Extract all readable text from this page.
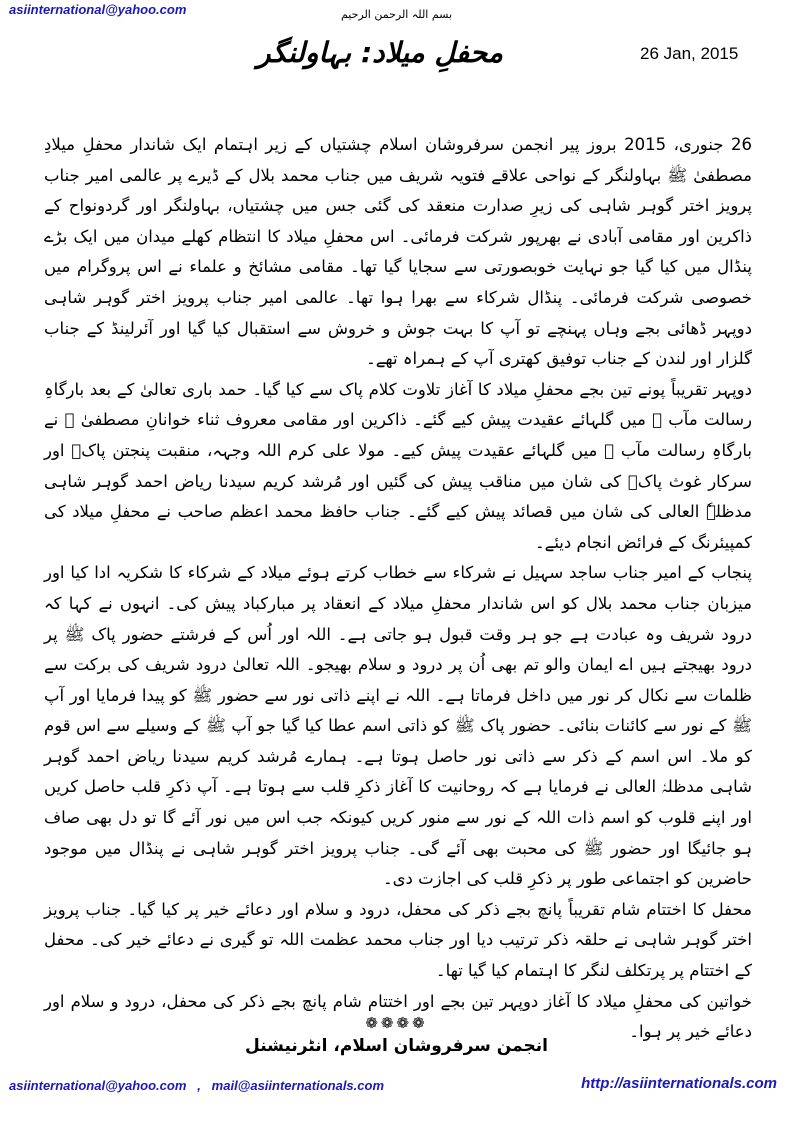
asiinternational@yahoo.com	بسم اللہ الرحمن الرحیم
محفلِ میلاد: بہاولنگر	26 Jan, 2015

26 جنوری، 2015 بروز پیر انجمن سرفروشان اسلام چشتیاں کے زیر اہتمام ایک شاندار محفلِ میلادِ مصطفیٰ ﷺ بہاولنگر کے نواحی علاقے فتویہ شریف میں جناب محمد بلال کے ڈیرے پر عالمی امیر جناب پرویز اختر گوہر شاہی کی زیرِ صدارت منعقد کی گئی جس میں چشتیاں، بہاولنگر اور گردونواح کے ذاکرین اور مقامی آبادی نے بھرپور شرکت فرمائی۔ اس محفلِ میلاد کا انتظام کھلے میدان میں ایک بڑے پنڈال میں کیا گیا جو نہایت خوبصورتی سے سجایا گیا تھا۔ مقامی مشائخ و علماء نے اس پروگرام میں خصوصی شرکت فرمائی۔ پنڈال شرکاء سے بھرا ہوا تھا۔ عالمی امیر جناب پرویز اختر گوہر شاہی دوپہر ڈھائی بجے وہاں پہنچے تو آپ کا بہت جوش و خروش سے استقبال کیا گیا اور آئرلینڈ کے جناب گلزار اور لندن کے جناب توفیق کھتری آپ کے ہمراہ تھے۔

دوپہر تقریباً پونے تین بجے محفلِ میلاد کا آغاز تلاوت کلام پاک سے کیا گیا۔ حمد باری تعالیٰ کے بعد بارگاہِ رسالت مآب ﷺ میں گلہائے عقیدت پیش کیے گئے۔ ذاکرین اور مقامی معروف ثناء خوانانِ مصطفیٰ ﷺ نے بارگاہِ رسالت مآب ﷺ میں گلہائے عقیدت پیش کیے۔ مولا علی کرم اللہ وجہہ، منقبت پنجتن پاکؑ اور سرکار غوث پاکؒ کی شان میں مناقب پیش کی گئیں اور مُرشد کریم سیدنا ریاض احمد گوہر شاہی مدظلہٗ العالی کی شان میں قصائد پیش کیے گئے۔ جناب حافظ محمد اعظم صاحب نے محفلِ میلاد کی کمپیئرنگ کے فرائض انجام دیئے۔

پنجاب کے امیر جناب ساجد سہیل نے شرکاء سے خطاب کرتے ہوئے میلاد کے شرکاء کا شکریہ ادا کیا اور میزبان جناب محمد بلال کو اس شاندار محفلِ میلاد کے انعقاد پر مبارکباد پیش کی۔ انہوں نے کہا کہ درود شریف وہ عبادت ہے جو ہر وقت قبول ہو جاتی ہے۔ اللہ اور اُس کے فرشتے حضور پاک ﷺ پر درود بھیجتے ہیں اے ایمان والو تم بھی اُن پر درود و سلام بھیجو۔ اللہ تعالیٰ درود شریف کی برکت سے ظلمات سے نکال کر نور میں داخل فرماتا ہے۔ اللہ نے اپنے ذاتی نور سے حضور ﷺ کو پیدا فرمایا اور آپ ﷺ کے نور سے کائنات بنائی۔ حضور پاک ﷺ کو ذاتی اسم عطا کیا گیا جو آپ ﷺ کے وسیلے سے اس قوم کو ملا۔ اس اسم کے ذکر سے ذاتی نور حاصل ہوتا ہے۔ ہمارے مُرشد کریم سیدنا ریاض احمد گوہر شاہی مدظلہٗ العالی نے فرمایا ہے کہ روحانیت کا آغاز ذکرِ قلب سے ہوتا ہے۔ آپ ذکرِ قلب حاصل کریں اور اپنے قلوب کو اسم ذات اللہ کے نور سے منور کریں کیونکہ جب اس میں نور آئے گا تو دل بھی صاف ہو جائیگا اور حضور ﷺ کی محبت بھی آئے گی۔ جناب پرویز اختر گوہر شاہی نے پنڈال میں موجود حاضرین کو اجتماعی طور پر ذکرِ قلب کی اجازت دی۔

محفل کا اختتام شام تقریباً پانچ بجے ذکر کی محفل، درود و سلام اور دعائے خیر پر کیا گیا۔ جناب پرویز اختر گوہر شاہی نے حلقہ ذکر ترتیب دیا اور جناب محمد عظمت اللہ تو گیری نے دعائے خیر کی۔ محفل کے اختتام پر پرتکلف لنگر کا اہتمام کیا گیا تھا۔

خواتین کی محفلِ میلاد کا آغاز دوپہر تین بجے اور اختتام شام پانچ بجے ذکر کی محفل، درود و سلام اور دعائے خیر پر ہوا۔

❁❁❁❁
انجمن سرفروشان اسلام، انٹرنیشنل
asiinternational@yahoo.com   ,   mail@asiinternationals.com	http://asiinternationals.com
